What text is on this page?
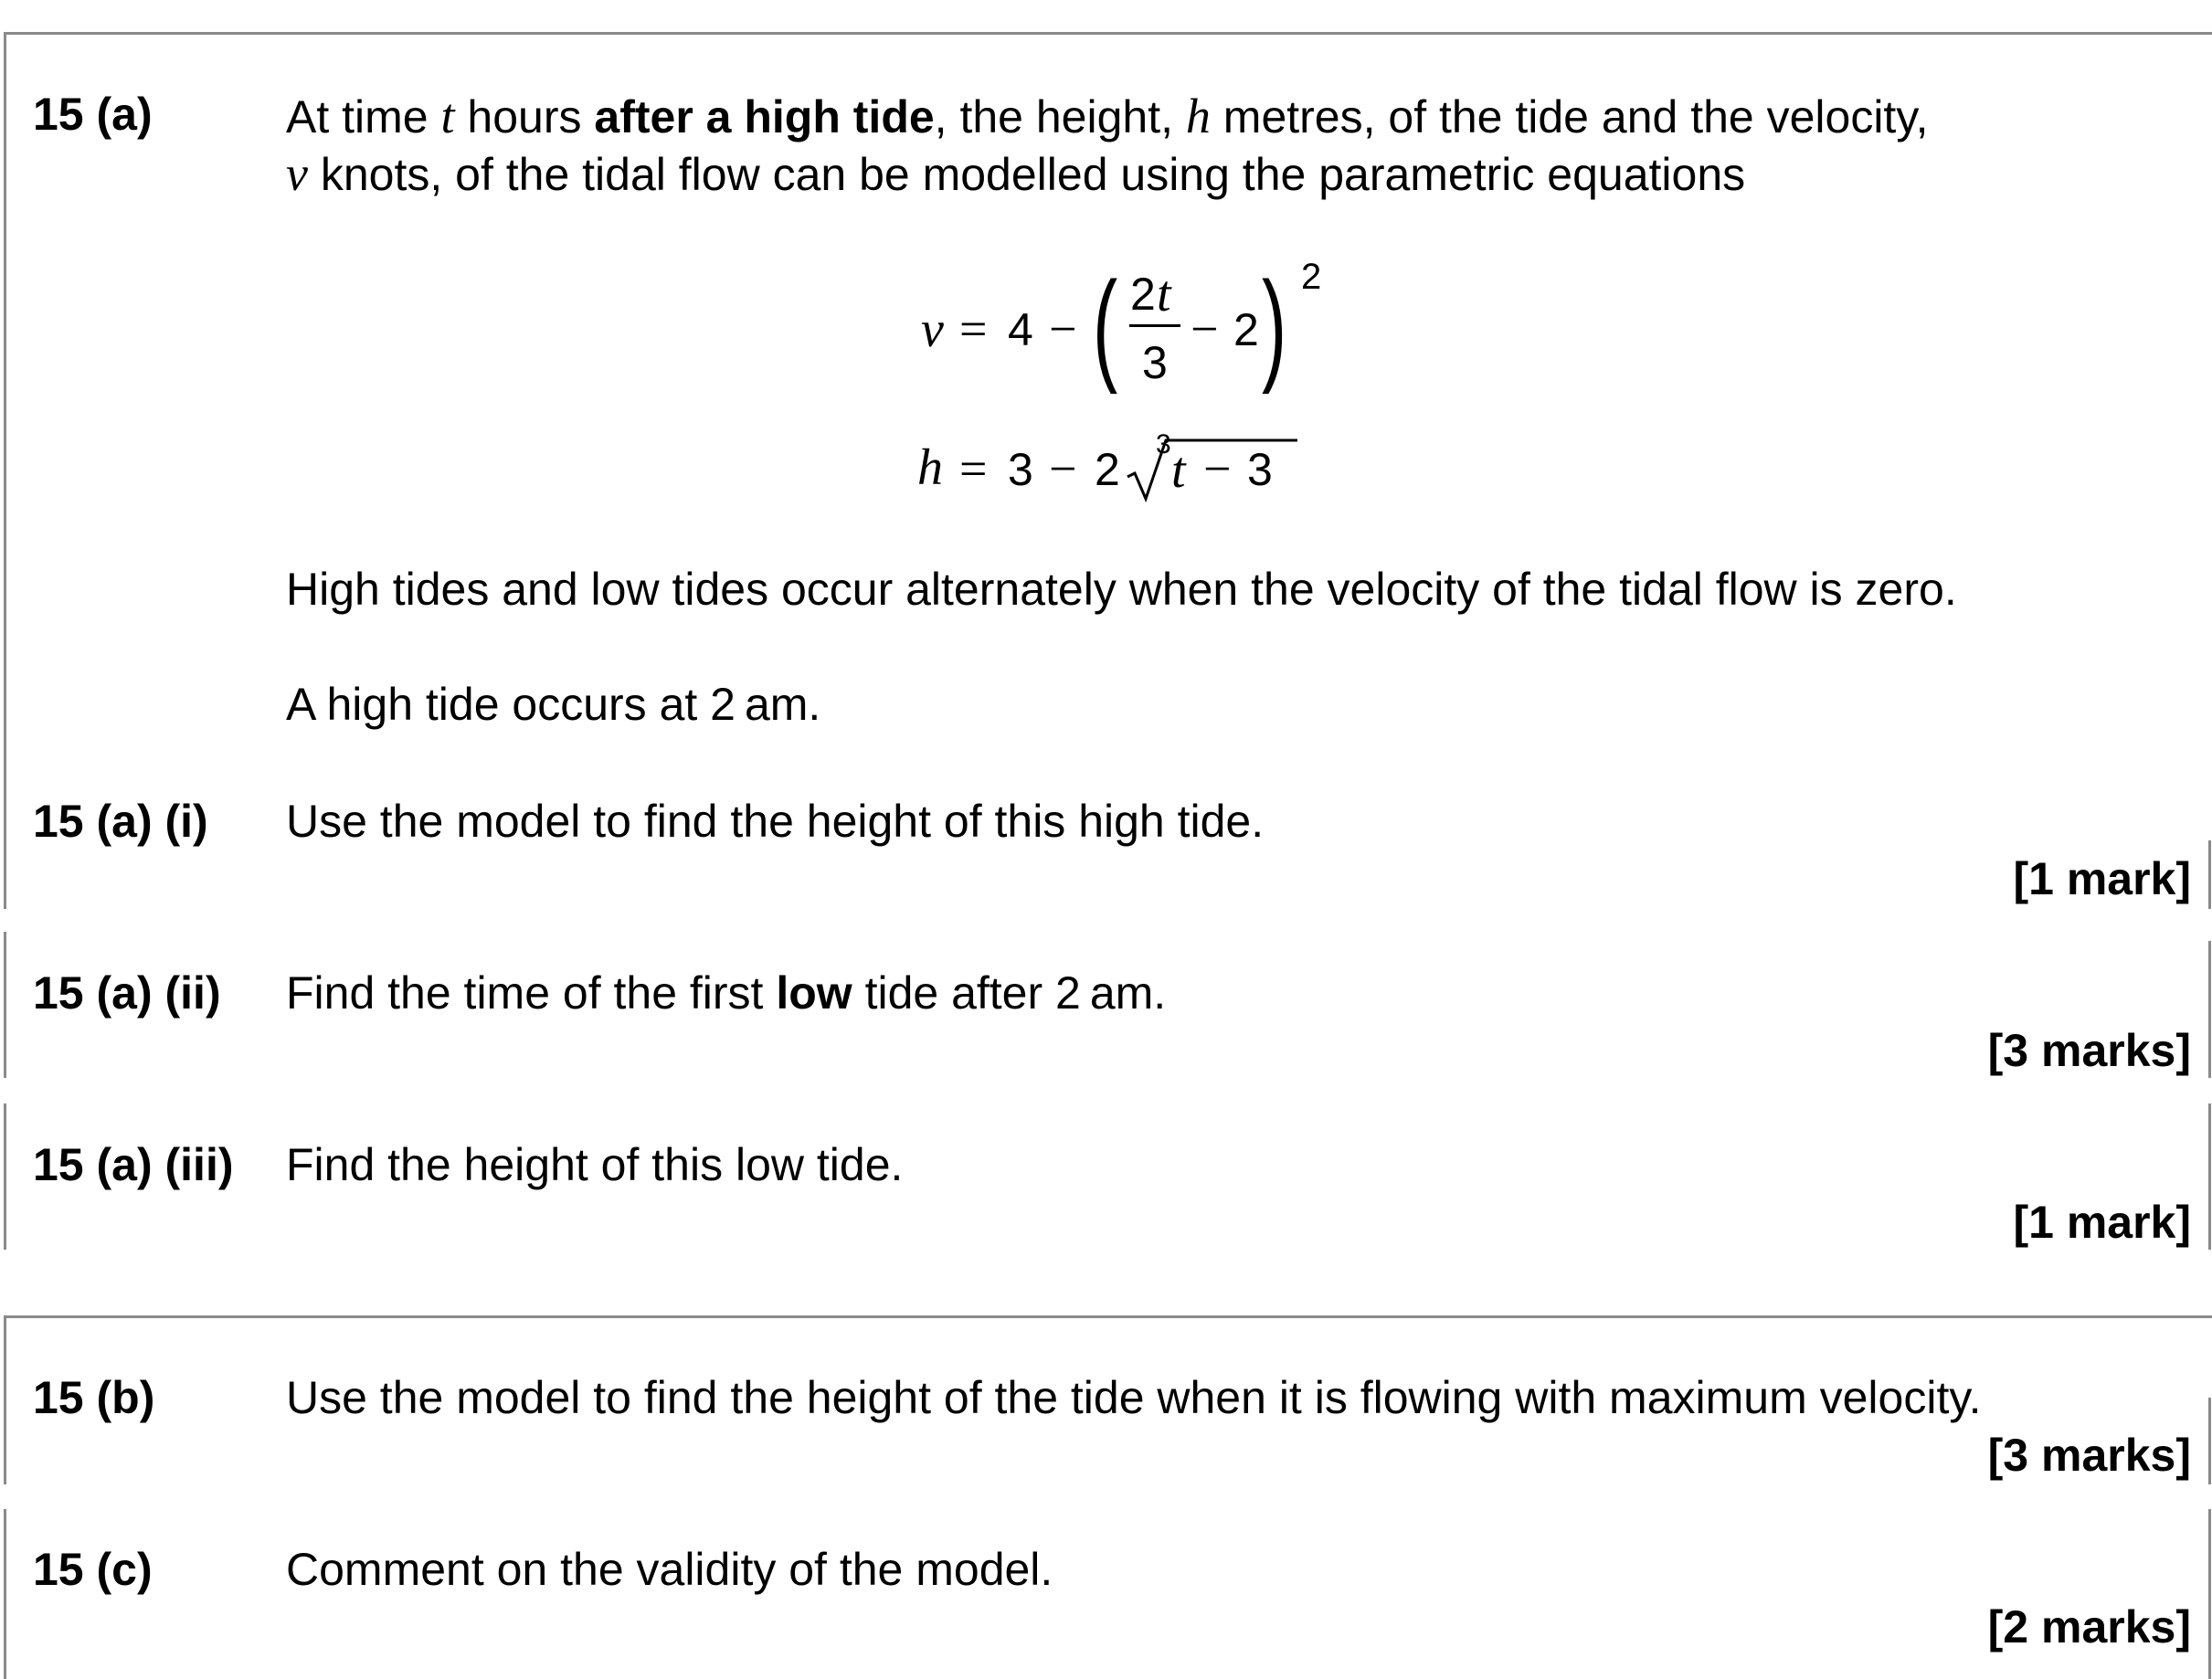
15 (a)	At time t hours after a high tide, the height, h metres, of the tide and the velocity,
v knots, of the tidal flow can be modelled using the parametric equations
v = 4 − ( 2 t
3
− 2 ) 2
h = 3 − 2 3 t − 3
High tides and low tides occur alternately when the velocity of the tidal flow is zero.
A high tide occurs at 2 am.
15 (a) (i) Use the model to find the height of this high tide.
[1 mark]
15 (a) (ii) Find the time of the first low tide after 2 am.
[3 marks]
15 (a) (iii) Find the height of this low tide.
[1 mark]
15 (b)	Use the model to find the height of the tide when it is flowing with maximum velocity.
[3 marks]
15 (c)	Comment on the validity of the model.
[2 marks]
